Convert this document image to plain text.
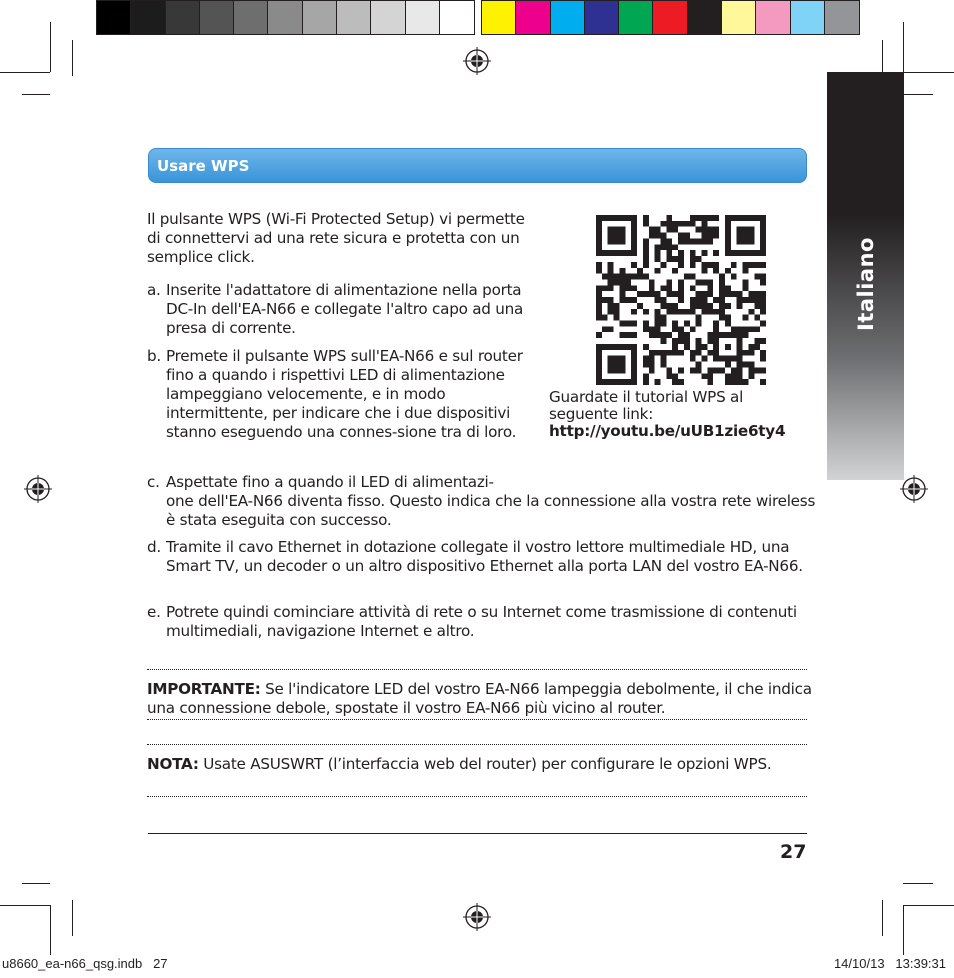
Italiano
Usare WPS
Il pulsante WPS (Wi-Fi Protected Setup) vi permette di connettervi ad una rete sicura e protetta con un semplice click.
a. Inserite l'adattatore di alimentazione nella porta DC-In dell'EA-N66 e collegate l'altro capo ad una presa di corrente.
b. Premete il pulsante WPS sull'EA-N66 e sul router fino a quando i rispettivi LED di alimentazione lampeggiano velocemente, e in modo intermittente, per indicare che i due dispositivi stanno eseguendo una connes-sione tra di loro.
c. Aspettate fino a quando il LED di alimentazi-
one dell'EA-N66 diventa fisso. Questo indica che la connessione alla vostra rete wireless è stata eseguita con successo.
d. Tramite il cavo Ethernet in dotazione collegate il vostro lettore multimediale HD, una Smart TV, un decoder o un altro dispositivo Ethernet alla porta LAN del vostro EA-N66.
e. Potrete quindi cominciare attività di rete o su Internet come trasmissione di contenuti multimediali, navigazione Internet e altro.
Guardate il tutorial WPS al seguente link:
http://youtu.be/uUB1zie6ty4
IMPORTANTE: Se l'indicatore LED del vostro EA-N66 lampeggia debolmente, il che indica una connessione debole, spostate il vostro EA-N66 più vicino al router.
NOTA: Usate ASUSWRT (l’interfaccia web del router) per configurare le opzioni WPS.
27
u8660_ea-n66_qsg.indb   27	14/10/13   13:39:31
